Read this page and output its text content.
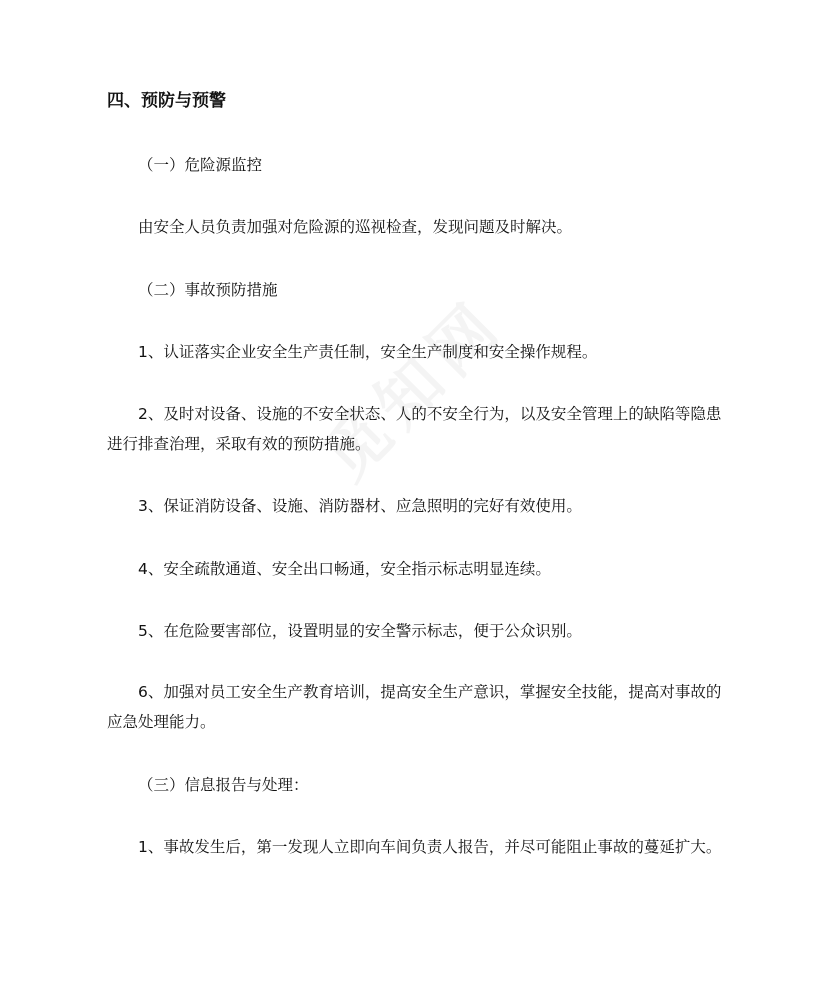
四、预防与预警

（一）危险源监控

由安全人员负责加强对危险源的巡视检查，发现问题及时解决。

（二）事故预防措施

1、认证落实企业安全生产责任制，安全生产制度和安全操作规程。

2、及时对设备、设施的不安全状态、人的不安全行为，以及安全管理上的缺陷等隐患进行排查治理，采取有效的预防措施。

3、保证消防设备、设施、消防器材、应急照明的完好有效使用。

4、安全疏散通道、安全出口畅通，安全指示标志明显连续。

5、在危险要害部位，设置明显的安全警示标志，便于公众识别。

6、加强对员工安全生产教育培训，提高安全生产意识，掌握安全技能，提高对事故的应急处理能力。

（三）信息报告与处理：

1、事故发生后，第一发现人立即向车间负责人报告，并尽可能阻止事故的蔓延扩大。
